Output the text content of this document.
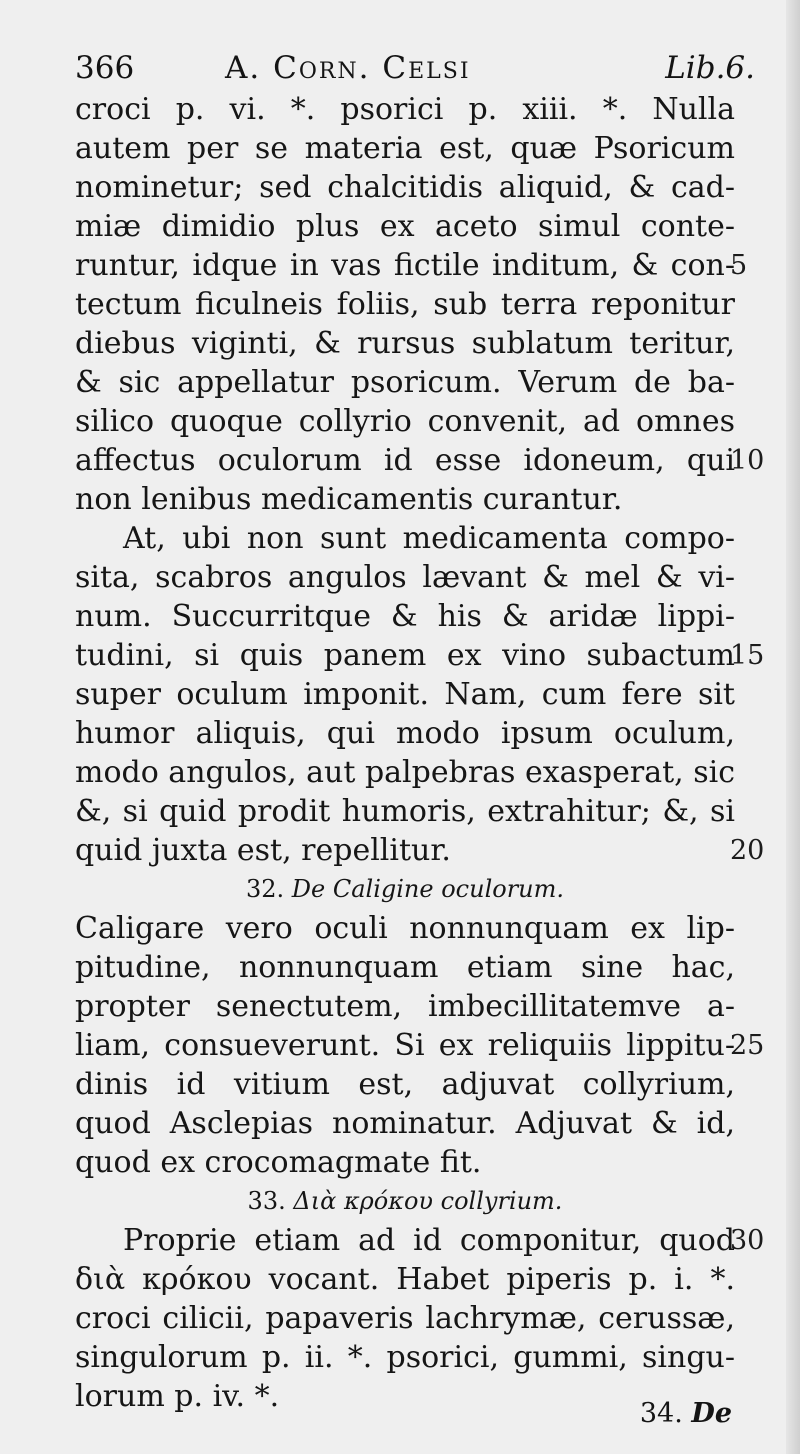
366	A. Corn. Celsi	Lib.6.
croci p. vi. *. psorici p. xiii. *. Nulla
autem per se materia est, quæ Psoricum
nominetur; sed chalcitidis aliquid, & cad-
miæ dimidio plus ex aceto simul conte-
runtur, idque in vas fictile inditum, & con-
tectum ficulneis foliis, sub terra reponitur
diebus viginti, & rursus sublatum teritur,
& sic appellatur psoricum. Verum de ba-
silico quoque collyrio convenit, ad omnes
affectus oculorum id esse idoneum, qui
non lenibus medicamentis curantur.
At, ubi non sunt medicamenta compo-
sita, scabros angulos lævant & mel & vi-
num. Succurritque & his & aridæ lippi-
tudini, si quis panem ex vino subactum
super oculum imponit. Nam, cum fere sit
humor aliquis, qui modo ipsum oculum,
modo angulos, aut palpebras exasperat, sic
&, si quid prodit humoris, extrahitur; &, si
quid juxta est, repellitur.
32. De Caligine oculorum.
Caligare vero oculi nonnunquam ex lip-
pitudine, nonnunquam etiam sine hac,
propter senectutem, imbecillitatemve a-
liam, consueverunt. Si ex reliquiis lippitu-
dinis id vitium est, adjuvat collyrium,
quod Asclepias nominatur. Adjuvat & id,
quod ex crocomagmate fit.
33. Διὰ κρόκου collyrium.
Proprie etiam ad id componitur, quod
διὰ κρόκου vocant. Habet piperis p. i. *.
croci cilicii, papaveris lachrymæ, cerussæ,
singulorum p. ii. *. psorici, gummi, singu-
lorum p. iv. *.
5
10
15
20
25
30
34. De
